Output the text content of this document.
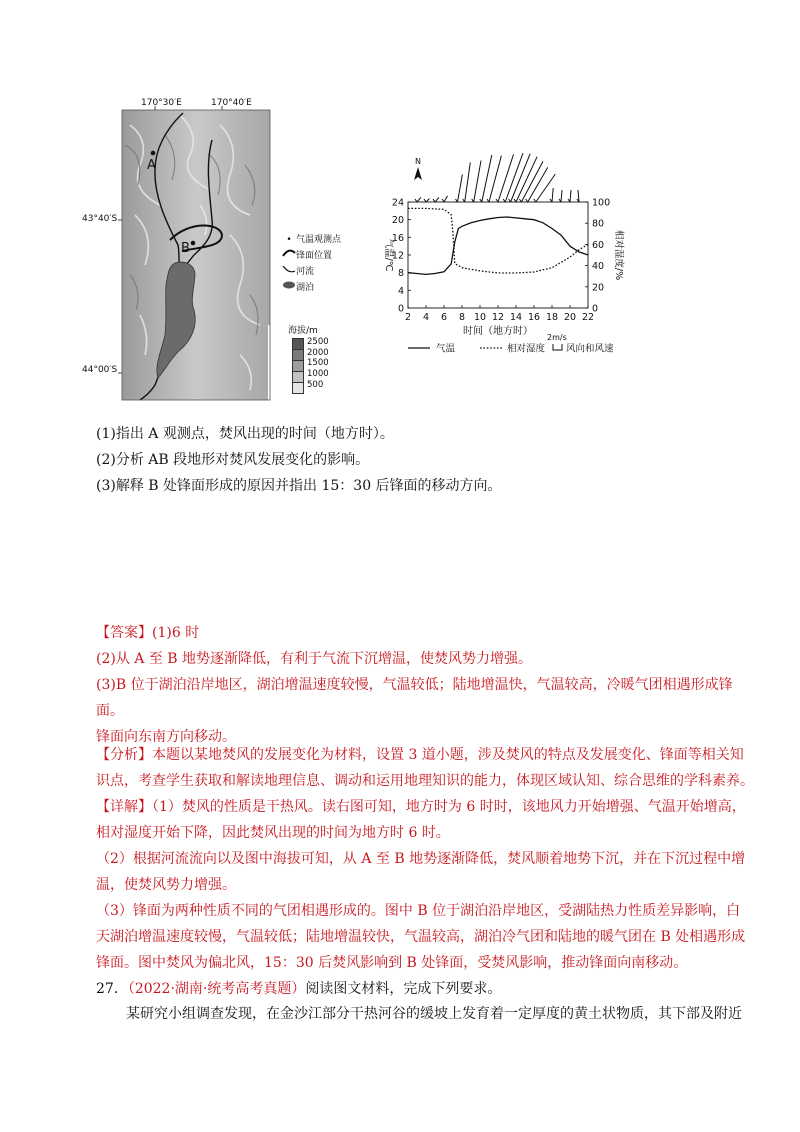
A
B
170°30′E	170°40′E
43°40′S
44°00′S
• 气温观测点
锋面位置
河流
湖泊
海拔/m
2500
2000
1500
1000
500
2 4 6 8 10 12 14 16 18 20 22
0
4
8
12
16
20
24
0
20
40
60
80
100
时间（地方时）
气温/℃	相对湿度/%
N
气温	相对湿度
2m/s
风向和风速
(1)指出 A 观测点，焚风出现的时间（地方时）。
(2)分析 AB 段地形对焚风发展变化的影响。
(3)解释 B 处锋面形成的原因并指出 15：30 后锋面的移动方向。

【答案】(1)6 时

(2)从 A 至 B 地势逐渐降低，有利于气流下沉增温，使焚风势力增强。

(3)B 位于湖泊沿岸地区，湖泊增温速度较慢，气温较低；陆地增温快，气温较高，冷暖气团相遇形成锋面。

锋面向东南方向移动。

【分析】本题以某地焚风的发展变化为材料，设置 3 道小题，涉及焚风的特点及发展变化、锋面等相关知

识点，考查学生获取和解读地理信息、调动和运用地理知识的能力，体现区域认知、综合思维的学科素养。

【详解】（1）焚风的性质是干热风。读右图可知，地方时为 6 时时，该地风力开始增强、气温开始增高，

相对湿度开始下降，因此焚风出现的时间为地方时 6 时。

（2）根据河流流向以及图中海拔可知，从 A 至 B 地势逐渐降低，焚风顺着地势下沉，并在下沉过程中增

温，使焚风势力增强。

（3）锋面为两种性质不同的气团相遇形成的。图中 B 位于湖泊沿岸地区，受湖陆热力性质差异影响，白

天湖泊增温速度较慢，气温较低；陆地增温较快，气温较高，湖泊冷气团和陆地的暖气团在 B 处相遇形成

锋面。图中焚风为偏北风，15：30 后焚风影响到 B 处锋面，受焚风影响，推动锋面向南移动。

27．（2022·湖南·统考高考真题）阅读图文材料，完成下列要求。
某研究小组调查发现，在金沙江部分干热河谷的缓坡上发育着一定厚度的黄土状物质，其下部及附近
